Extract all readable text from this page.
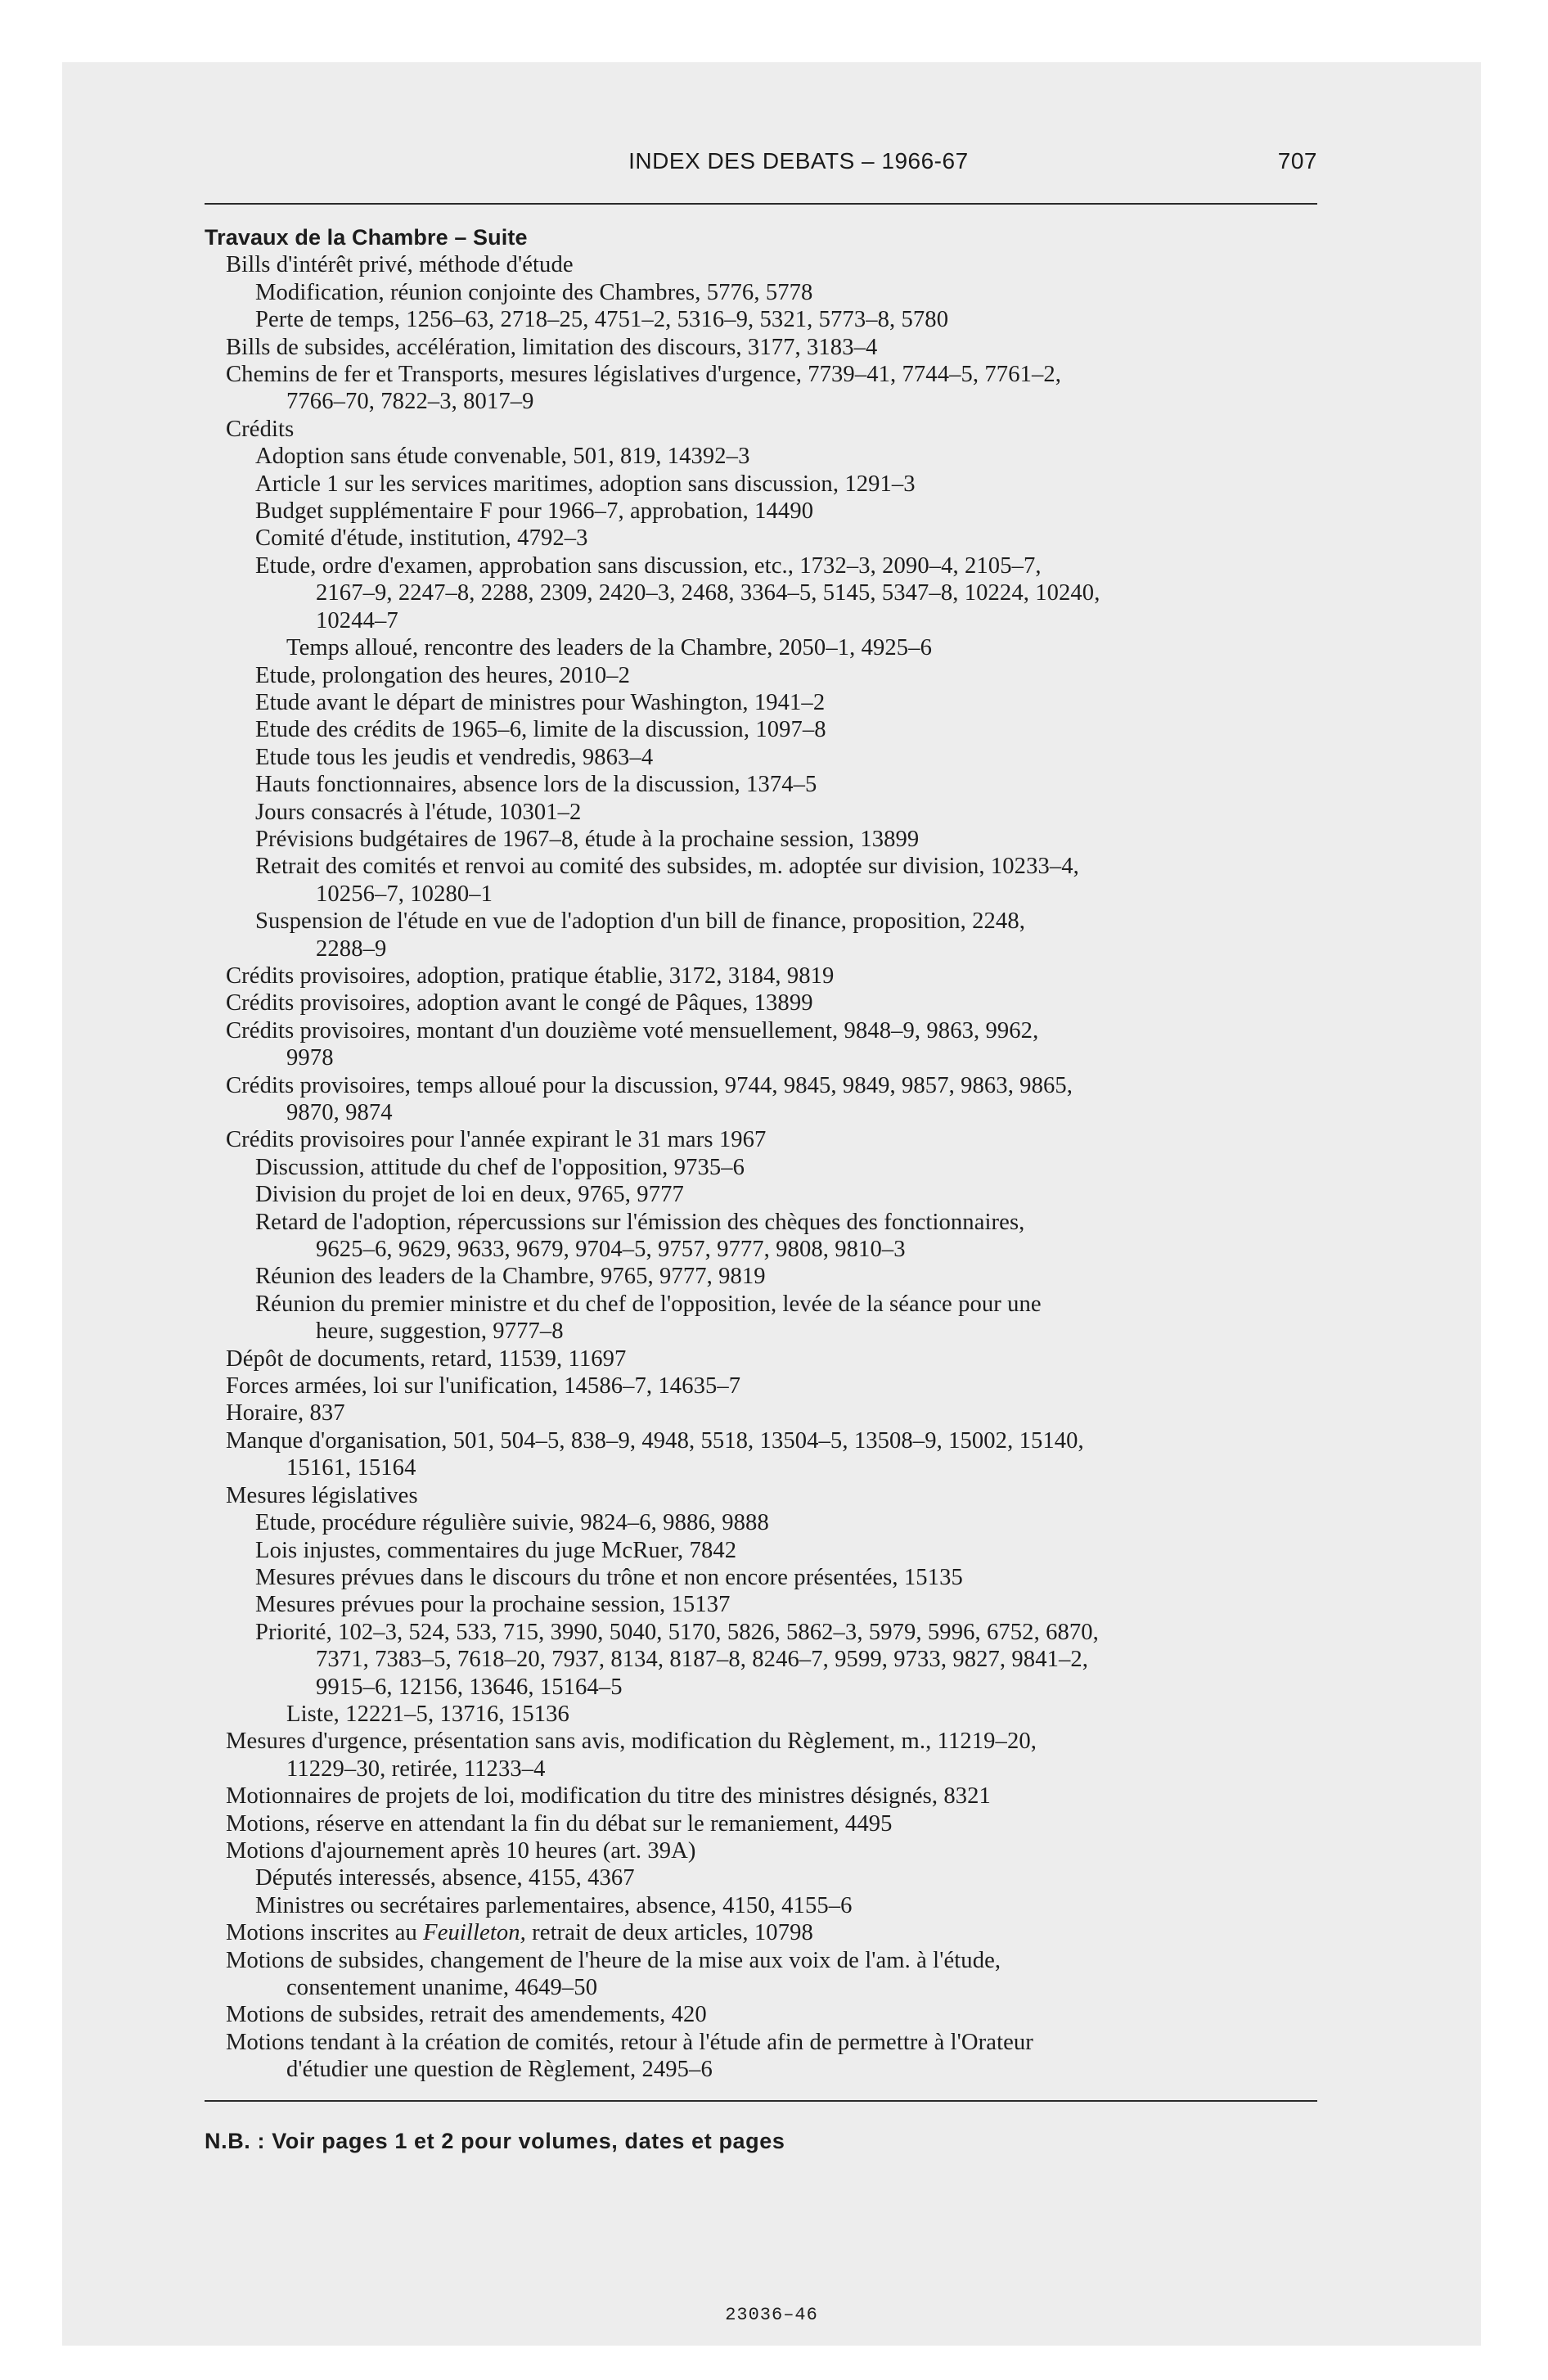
INDEX DES DEBATS – 1966-67	707
Travaux de la Chambre – Suite
Bills d'intérêt privé, méthode d'étude
Modification, réunion conjointe des Chambres, 5776, 5778
Perte de temps, 1256–63, 2718–25, 4751–2, 5316–9, 5321, 5773–8, 5780
Bills de subsides, accélération, limitation des discours, 3177, 3183–4
Chemins de fer et Transports, mesures législatives d'urgence, 7739–41, 7744–5, 7761–2,
7766–70, 7822–3, 8017–9
Crédits
Adoption sans étude convenable, 501, 819, 14392–3
Article 1 sur les services maritimes, adoption sans discussion, 1291–3
Budget supplémentaire F pour 1966–7, approbation, 14490
Comité d'étude, institution, 4792–3
Etude, ordre d'examen, approbation sans discussion, etc., 1732–3, 2090–4, 2105–7,
2167–9, 2247–8, 2288, 2309, 2420–3, 2468, 3364–5, 5145, 5347–8, 10224, 10240,
10244–7
Temps alloué, rencontre des leaders de la Chambre, 2050–1, 4925–6
Etude, prolongation des heures, 2010–2
Etude avant le départ de ministres pour Washington, 1941–2
Etude des crédits de 1965–6, limite de la discussion, 1097–8
Etude tous les jeudis et vendredis, 9863–4
Hauts fonctionnaires, absence lors de la discussion, 1374–5
Jours consacrés à l'étude, 10301–2
Prévisions budgétaires de 1967–8, étude à la prochaine session, 13899
Retrait des comités et renvoi au comité des subsides, m. adoptée sur division, 10233–4,
10256–7, 10280–1
Suspension de l'étude en vue de l'adoption d'un bill de finance, proposition, 2248,
2288–9
Crédits provisoires, adoption, pratique établie, 3172, 3184, 9819
Crédits provisoires, adoption avant le congé de Pâques, 13899
Crédits provisoires, montant d'un douzième voté mensuellement, 9848–9, 9863, 9962,
9978
Crédits provisoires, temps alloué pour la discussion, 9744, 9845, 9849, 9857, 9863, 9865,
9870, 9874
Crédits provisoires pour l'année expirant le 31 mars 1967
Discussion, attitude du chef de l'opposition, 9735–6
Division du projet de loi en deux, 9765, 9777
Retard de l'adoption, répercussions sur l'émission des chèques des fonctionnaires,
9625–6, 9629, 9633, 9679, 9704–5, 9757, 9777, 9808, 9810–3
Réunion des leaders de la Chambre, 9765, 9777, 9819
Réunion du premier ministre et du chef de l'opposition, levée de la séance pour une
heure, suggestion, 9777–8
Dépôt de documents, retard, 11539, 11697
Forces armées, loi sur l'unification, 14586–7, 14635–7
Horaire, 837
Manque d'organisation, 501, 504–5, 838–9, 4948, 5518, 13504–5, 13508–9, 15002, 15140,
15161, 15164
Mesures législatives
Etude, procédure régulière suivie, 9824–6, 9886, 9888
Lois injustes, commentaires du juge McRuer, 7842
Mesures prévues dans le discours du trône et non encore présentées, 15135
Mesures prévues pour la prochaine session, 15137
Priorité, 102–3, 524, 533, 715, 3990, 5040, 5170, 5826, 5862–3, 5979, 5996, 6752, 6870,
7371, 7383–5, 7618–20, 7937, 8134, 8187–8, 8246–7, 9599, 9733, 9827, 9841–2,
9915–6, 12156, 13646, 15164–5
Liste, 12221–5, 13716, 15136
Mesures d'urgence, présentation sans avis, modification du Règlement, m., 11219–20,
11229–30, retirée, 11233–4
Motionnaires de projets de loi, modification du titre des ministres désignés, 8321
Motions, réserve en attendant la fin du débat sur le remaniement, 4495
Motions d'ajournement après 10 heures (art. 39A)
Députés interessés, absence, 4155, 4367
Ministres ou secrétaires parlementaires, absence, 4150, 4155–6
Motions inscrites au Feuilleton, retrait de deux articles, 10798
Motions de subsides, changement de l'heure de la mise aux voix de l'am. à l'étude,
consentement unanime, 4649–50
Motions de subsides, retrait des amendements, 420
Motions tendant à la création de comités, retour à l'étude afin de permettre à l'Orateur
d'étudier une question de Règlement, 2495–6
N.B. : Voir pages 1 et 2 pour volumes, dates et pages
23036–46
